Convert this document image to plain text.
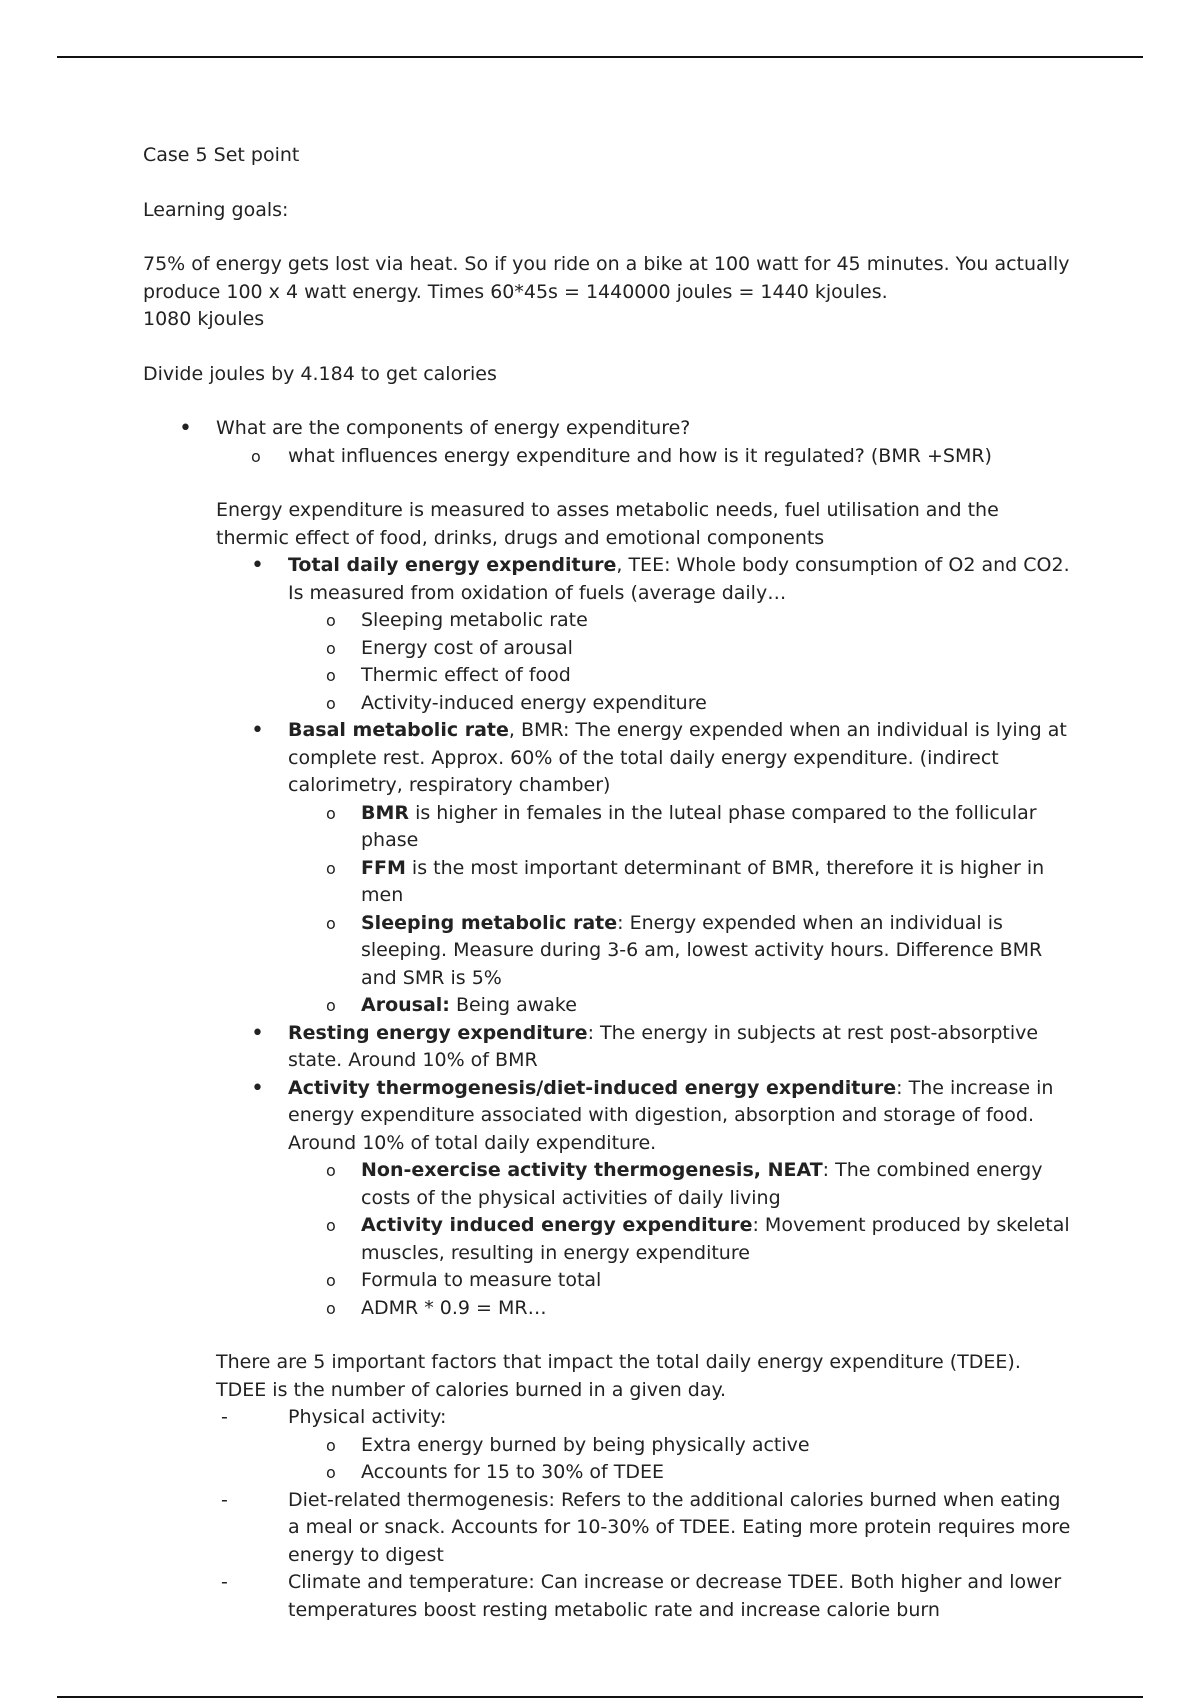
Case 5 Set point

Learning goals:

75% of energy gets lost via heat. So if you ride on a bike at 100 watt for 45 minutes. You actually produce 100 x 4 watt energy. Times 60*45s = 1440000 joules = 1440 kjoules.

1080 kjoules

Divide joules by 4.184 to get calories

• What are the components of energy expenditure?
o what influences energy expenditure and how is it regulated? (BMR +SMR)

Energy expenditure is measured to asses metabolic needs, fuel utilisation and the thermic effect of food, drinks, drugs and emotional components

• Total daily energy expenditure, TEE: Whole body consumption of O2 and CO2. Is measured from oxidation of fuels (average daily…
o Sleeping metabolic rate
o Energy cost of arousal
o Thermic effect of food
o Activity-induced energy expenditure
• Basal metabolic rate, BMR: The energy expended when an individual is lying at complete rest. Approx. 60% of the total daily energy expenditure. (indirect calorimetry, respiratory chamber)
o BMR is higher in females in the luteal phase compared to the follicular phase
o FFM is the most important determinant of BMR, therefore it is higher in men
o Sleeping metabolic rate: Energy expended when an individual is sleeping. Measure during 3-6 am, lowest activity hours. Difference BMR and SMR is 5%
o Arousal: Being awake
• Resting energy expenditure: The energy in subjects at rest post-absorptive state. Around 10% of BMR
• Activity thermogenesis/diet-induced energy expenditure: The increase in energy expenditure associated with digestion, absorption and storage of food. Around 10% of total daily expenditure.
o Non-exercise activity thermogenesis, NEAT: The combined energy costs of the physical activities of daily living
o Activity induced energy expenditure: Movement produced by skeletal muscles, resulting in energy expenditure
o Formula to measure total
o ADMR * 0.9 = MR…

There are 5 important factors that impact the total daily energy expenditure (TDEE). TDEE is the number of calories burned in a given day.

-	Physical activity:
o Extra energy burned by being physically active
o Accounts for 15 to 30% of TDEE
-	Diet-related thermogenesis: Refers to the additional calories burned when eating a meal or snack. Accounts for 10-30% of TDEE. Eating more protein requires more energy to digest
-	Climate and temperature: Can increase or decrease TDEE. Both higher and lower temperatures boost resting metabolic rate and increase calorie burn
